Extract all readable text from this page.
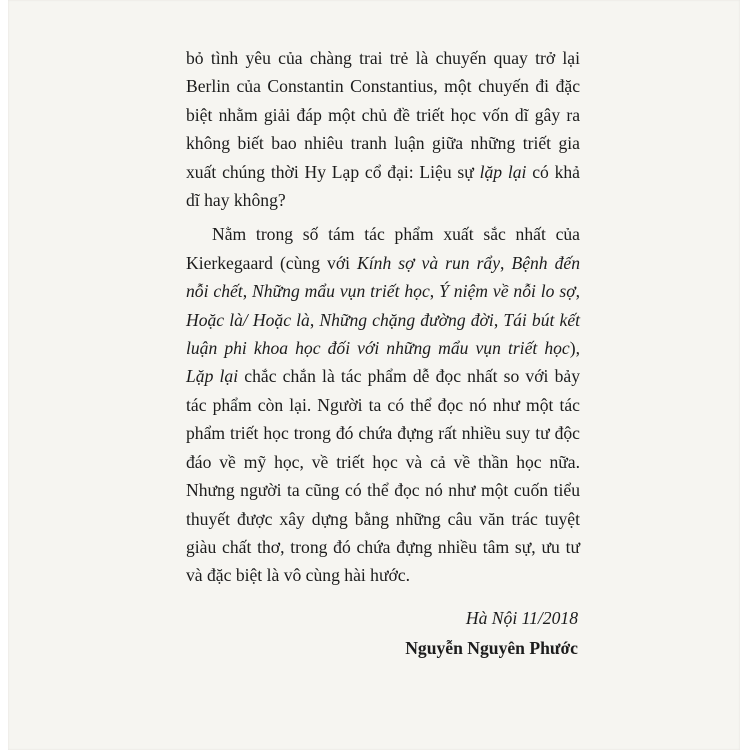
bỏ tình yêu của chàng trai trẻ là chuyến quay trở lại Berlin của Constantin Constantius, một chuyến đi đặc biệt nhằm giải đáp một chủ đề triết học vốn dĩ gây ra không biết bao nhiêu tranh luận giữa những triết gia xuất chúng thời Hy Lạp cổ đại: Liệu sự lặp lại có khả dĩ hay không?

Nằm trong số tám tác phẩm xuất sắc nhất của Kierkegaard (cùng với Kính sợ và run rẩy, Bệnh đến nỗi chết, Những mẩu vụn triết học, Ý niệm về nỗi lo sợ, Hoặc là/ Hoặc là, Những chặng đường đời, Tái bút kết luận phi khoa học đối với những mẩu vụn triết học), Lặp lại chắc chắn là tác phẩm dễ đọc nhất so với bảy tác phẩm còn lại. Người ta có thể đọc nó như một tác phẩm triết học trong đó chứa đựng rất nhiều suy tư độc đáo về mỹ học, về triết học và cả về thần học nữa. Nhưng người ta cũng có thể đọc nó như một cuốn tiểu thuyết được xây dựng bằng những câu văn trác tuyệt giàu chất thơ, trong đó chứa đựng nhiều tâm sự, ưu tư và đặc biệt là vô cùng hài hước.

Hà Nội 11/2018

Nguyễn Nguyên Phước
